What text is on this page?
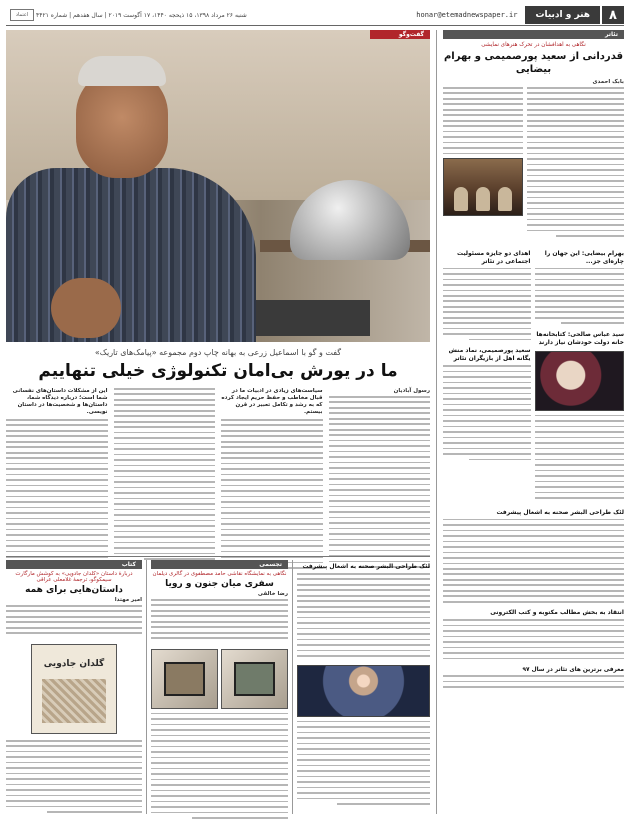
۸
هنر و ادبیات
honar@etemadnewspaper.ir
شنبه ۲۶ مرداد ۱۳۹۸، ۱۵ ذیحجه ۱۴۴۰، ۱۷ آگوست ۲۰۱۹ | سال هفدهم | شماره ۴۴۲۱
اعتماد
تئاتر
نگاهی به اهدافشان در تحرک هنرهای نمایشی
قدردانی از سعید پورصمیمی و بهرام بیضایی
بابک احمدی
بهرام بیضایی: این جهان را چاره‌ای جز...
سید عباس صالحی: کتابخانه‌ها خانه دولت خودشان نیاز دارند
اهدای دو جایزه مسئولیت اجتماعی در تئاتر
سعید پورصمیمی، نماد منش یگانه اهل از بازیگران تئاتر
لئک طراحی البشر صحنه به اشغال پیشرفت
انتقاد به بخش مطالب مکتوبه و کتب الکترونی
معرفی برترین های تئاتر در سال ۹۷
گفت‌وگو
گفت و گو با اسماعیل زرعی به بهانه چاپ دوم مجموعه «پیامک‌های تاریک»
ما در یورش بی‌امان تکنولوژی خیلی تنهاییم
رسول آبادیان
سیاست‌های زیادی در ادبیات ما در قبال مخاطب و حفظ حریم ایجاد کرده که به رشد و تکامل تعبیر در قرن بیستم.
این از مشکلات داستان‌های نفسانی شما است؛ درباره دیدگاه شما، داستان‌ها و شخصیت‌ها در داستان نویسی.
لئک طراحی البشر صحنه به اشغال پیشرفت
تجسمی
نگاهی به نمایشگاه نقاشی حامد مصطفوی در گالری دیلمان
سفری میان جنون و رویا
رضا خالقی
کتاب
دربارهٔ داستان «کلدان جادویی» به کوشش مارگارت سیمکوگو، ترجمهٔ غلامعلی عراقی
داستان‌هایی برای همه
امیر مهتدا
گلدان جادویی
